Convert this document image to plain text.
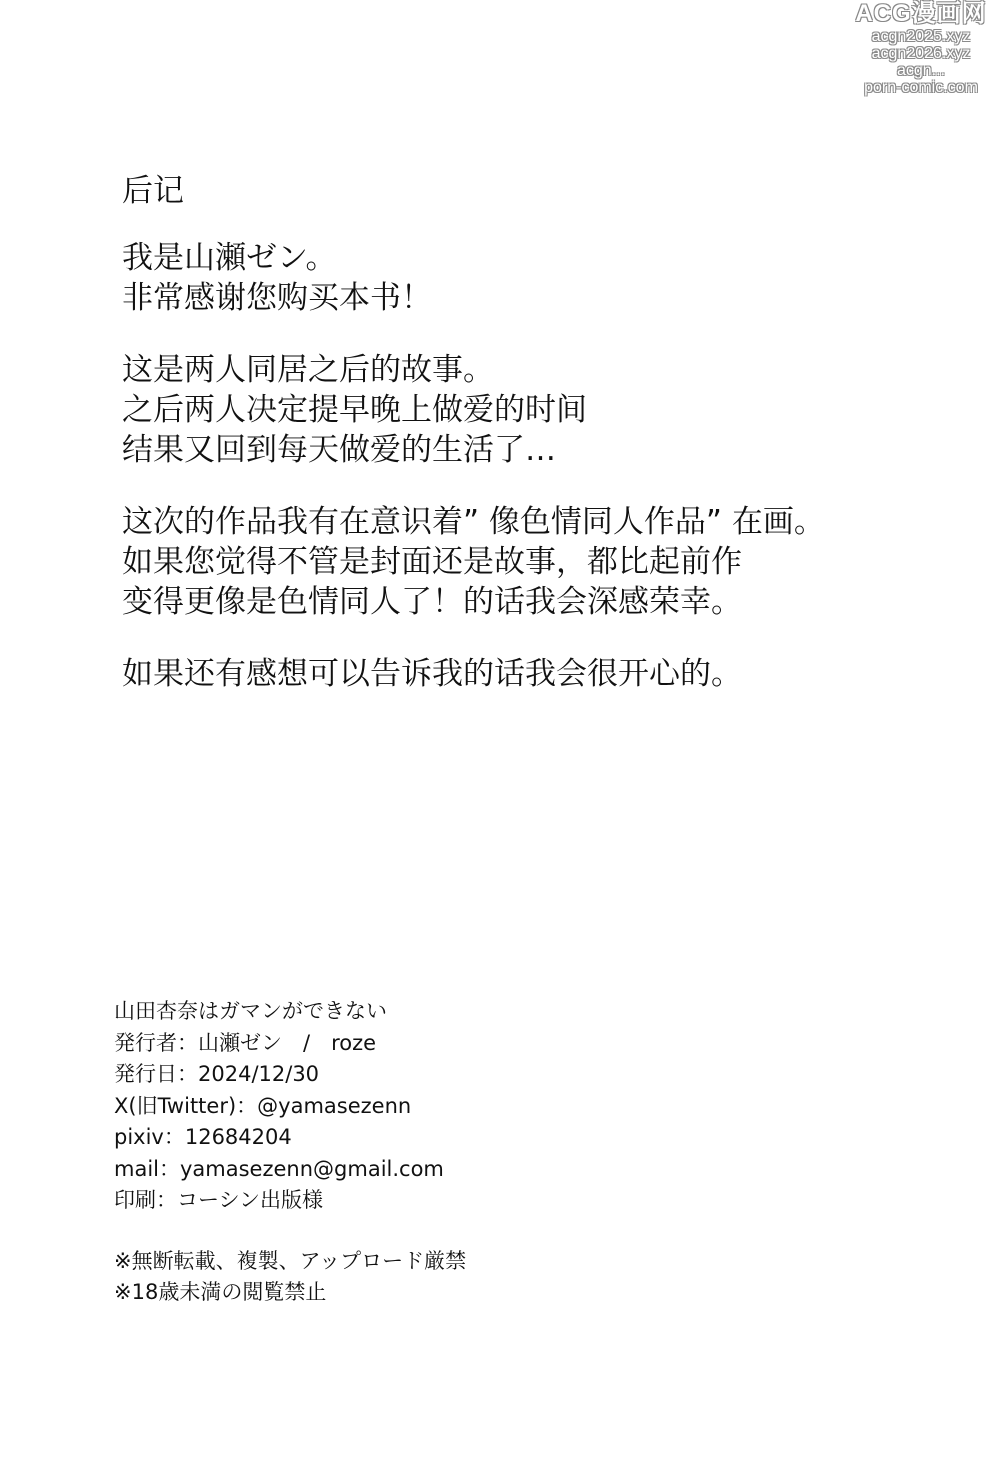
ACG漫画网
acgn2025.xyz
acgn2026.xyz
acgn...
porn-comic.com
后记
我是山瀬ゼン。
非常感谢您购买本书！
这是两人同居之后的故事。
之后两人决定提早晚上做爱的时间
结果又回到每天做爱的生活了…
这次的作品我有在意识着” 像色情同人作品” 在画。
如果您觉得不管是封面还是故事，都比起前作
变得更像是色情同人了！的话我会深感荣幸。
如果还有感想可以告诉我的话我会很开心的。
山田杏奈はガマンができない
発行者：山瀬ゼン　/　roze
発行日：2024/12/30
X(旧Twitter)：@yamasezenn
pixiv：12684204
mail：yamasezenn@gmail.com
印刷：コーシン出版様
※無断転載、複製、アップロード厳禁
※18歳未満の閲覧禁止
